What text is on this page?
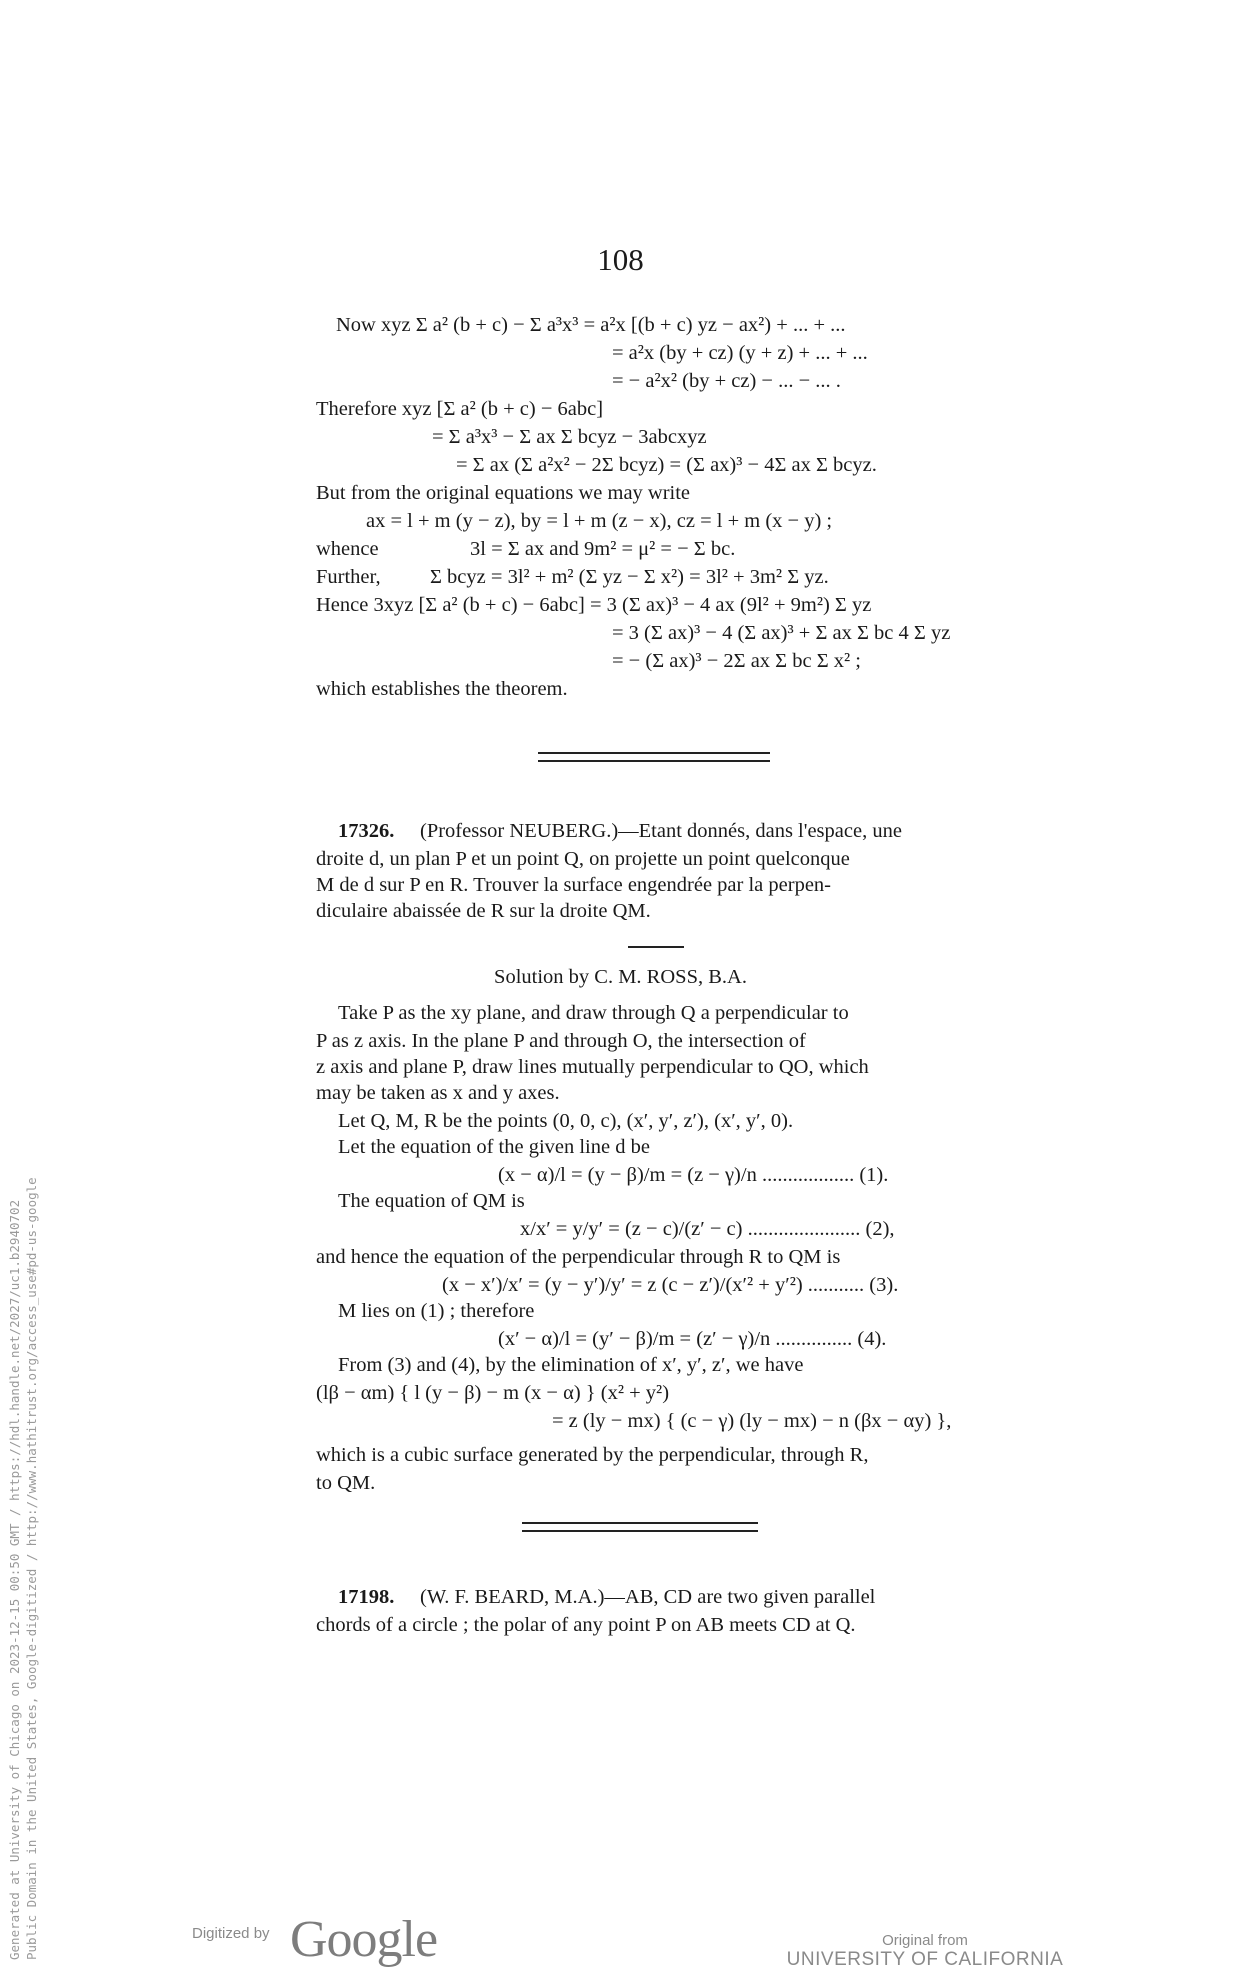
108
Now xyz Σ a² (b + c) − Σ a³x³ = a²x [(b + c) yz − ax²) + ... + ...
= a²x (by + cz) (y + z) + ... + ...
= − a²x² (by + cz) − ... − ... .
Therefore xyz [Σ a² (b + c) − 6abc]
= Σ a³x³ − Σ ax Σ bcyz − 3abcxyz
= Σ ax (Σ a²x² − 2Σ bcyz) = (Σ ax)³ − 4Σ ax Σ bcyz.
But from the original equations we may write
ax = l + m (y − z), by = l + m (z − x), cz = l + m (x − y) ;
whence	3l = Σ ax and 9m² = μ² = − Σ bc.
Further, Σ bcyz = 3l² + m² (Σ yz − Σ x²) = 3l² + 3m² Σ yz.
Hence 3xyz [Σ a² (b + c) − 6abc] = 3 (Σ ax)³ − 4 ax (9l² + 9m²) Σ yz
= 3 (Σ ax)³ − 4 (Σ ax)³ + Σ ax Σ bc 4 Σ yz
= − (Σ ax)³ − 2Σ ax Σ bc Σ x² ;
which establishes the theorem.
17326. (Professor NEUBERG.)—Etant donnés, dans l'espace, une
droite d, un plan P et un point Q, on projette un point quelconque
M de d sur P en R. Trouver la surface engendrée par la perpen-
diculaire abaissée de R sur la droite QM.
Solution by C. M. ROSS, B.A.
Take P as the xy plane, and draw through Q a perpendicular to
P as z axis. In the plane P and through O, the intersection of
z axis and plane P, draw lines mutually perpendicular to QO, which
may be taken as x and y axes.
Let Q, M, R be the points (0, 0, c), (x′, y′, z′), (x′, y′, 0).
Let the equation of the given line d be
(x − α)/l = (y − β)/m = (z − γ)/n .................. (1).
The equation of QM is
x/x′ = y/y′ = (z − c)/(z′ − c) ...................... (2),
and hence the equation of the perpendicular through R to QM is
(x − x′)/x′ = (y − y′)/y′ = z (c − z′)/(x′² + y′²) ........... (3).
M lies on (1) ; therefore
(x′ − α)/l = (y′ − β)/m = (z′ − γ)/n ............... (4).
From (3) and (4), by the elimination of x′, y′, z′, we have
(lβ − αm) { l (y − β) − m (x − α) } (x² + y²)
= z (ly − mx) { (c − γ) (ly − mx) − n (βx − αy) },
which is a cubic surface generated by the perpendicular, through R,
to QM.
17198. (W. F. BEARD, M.A.)—AB, CD are two given parallel
chords of a circle ; the polar of any point P on AB meets CD at Q.
Generated at University of Chicago on 2023-12-15 00:50 GMT / https://hdl.handle.net/2027/uc1.b2940702 Public Domain in the United States, Google-digitized / http://www.hathitrust.org/access_use#pd-us-google	Digitized by Google	Original from
UNIVERSITY OF CALIFORNIA
